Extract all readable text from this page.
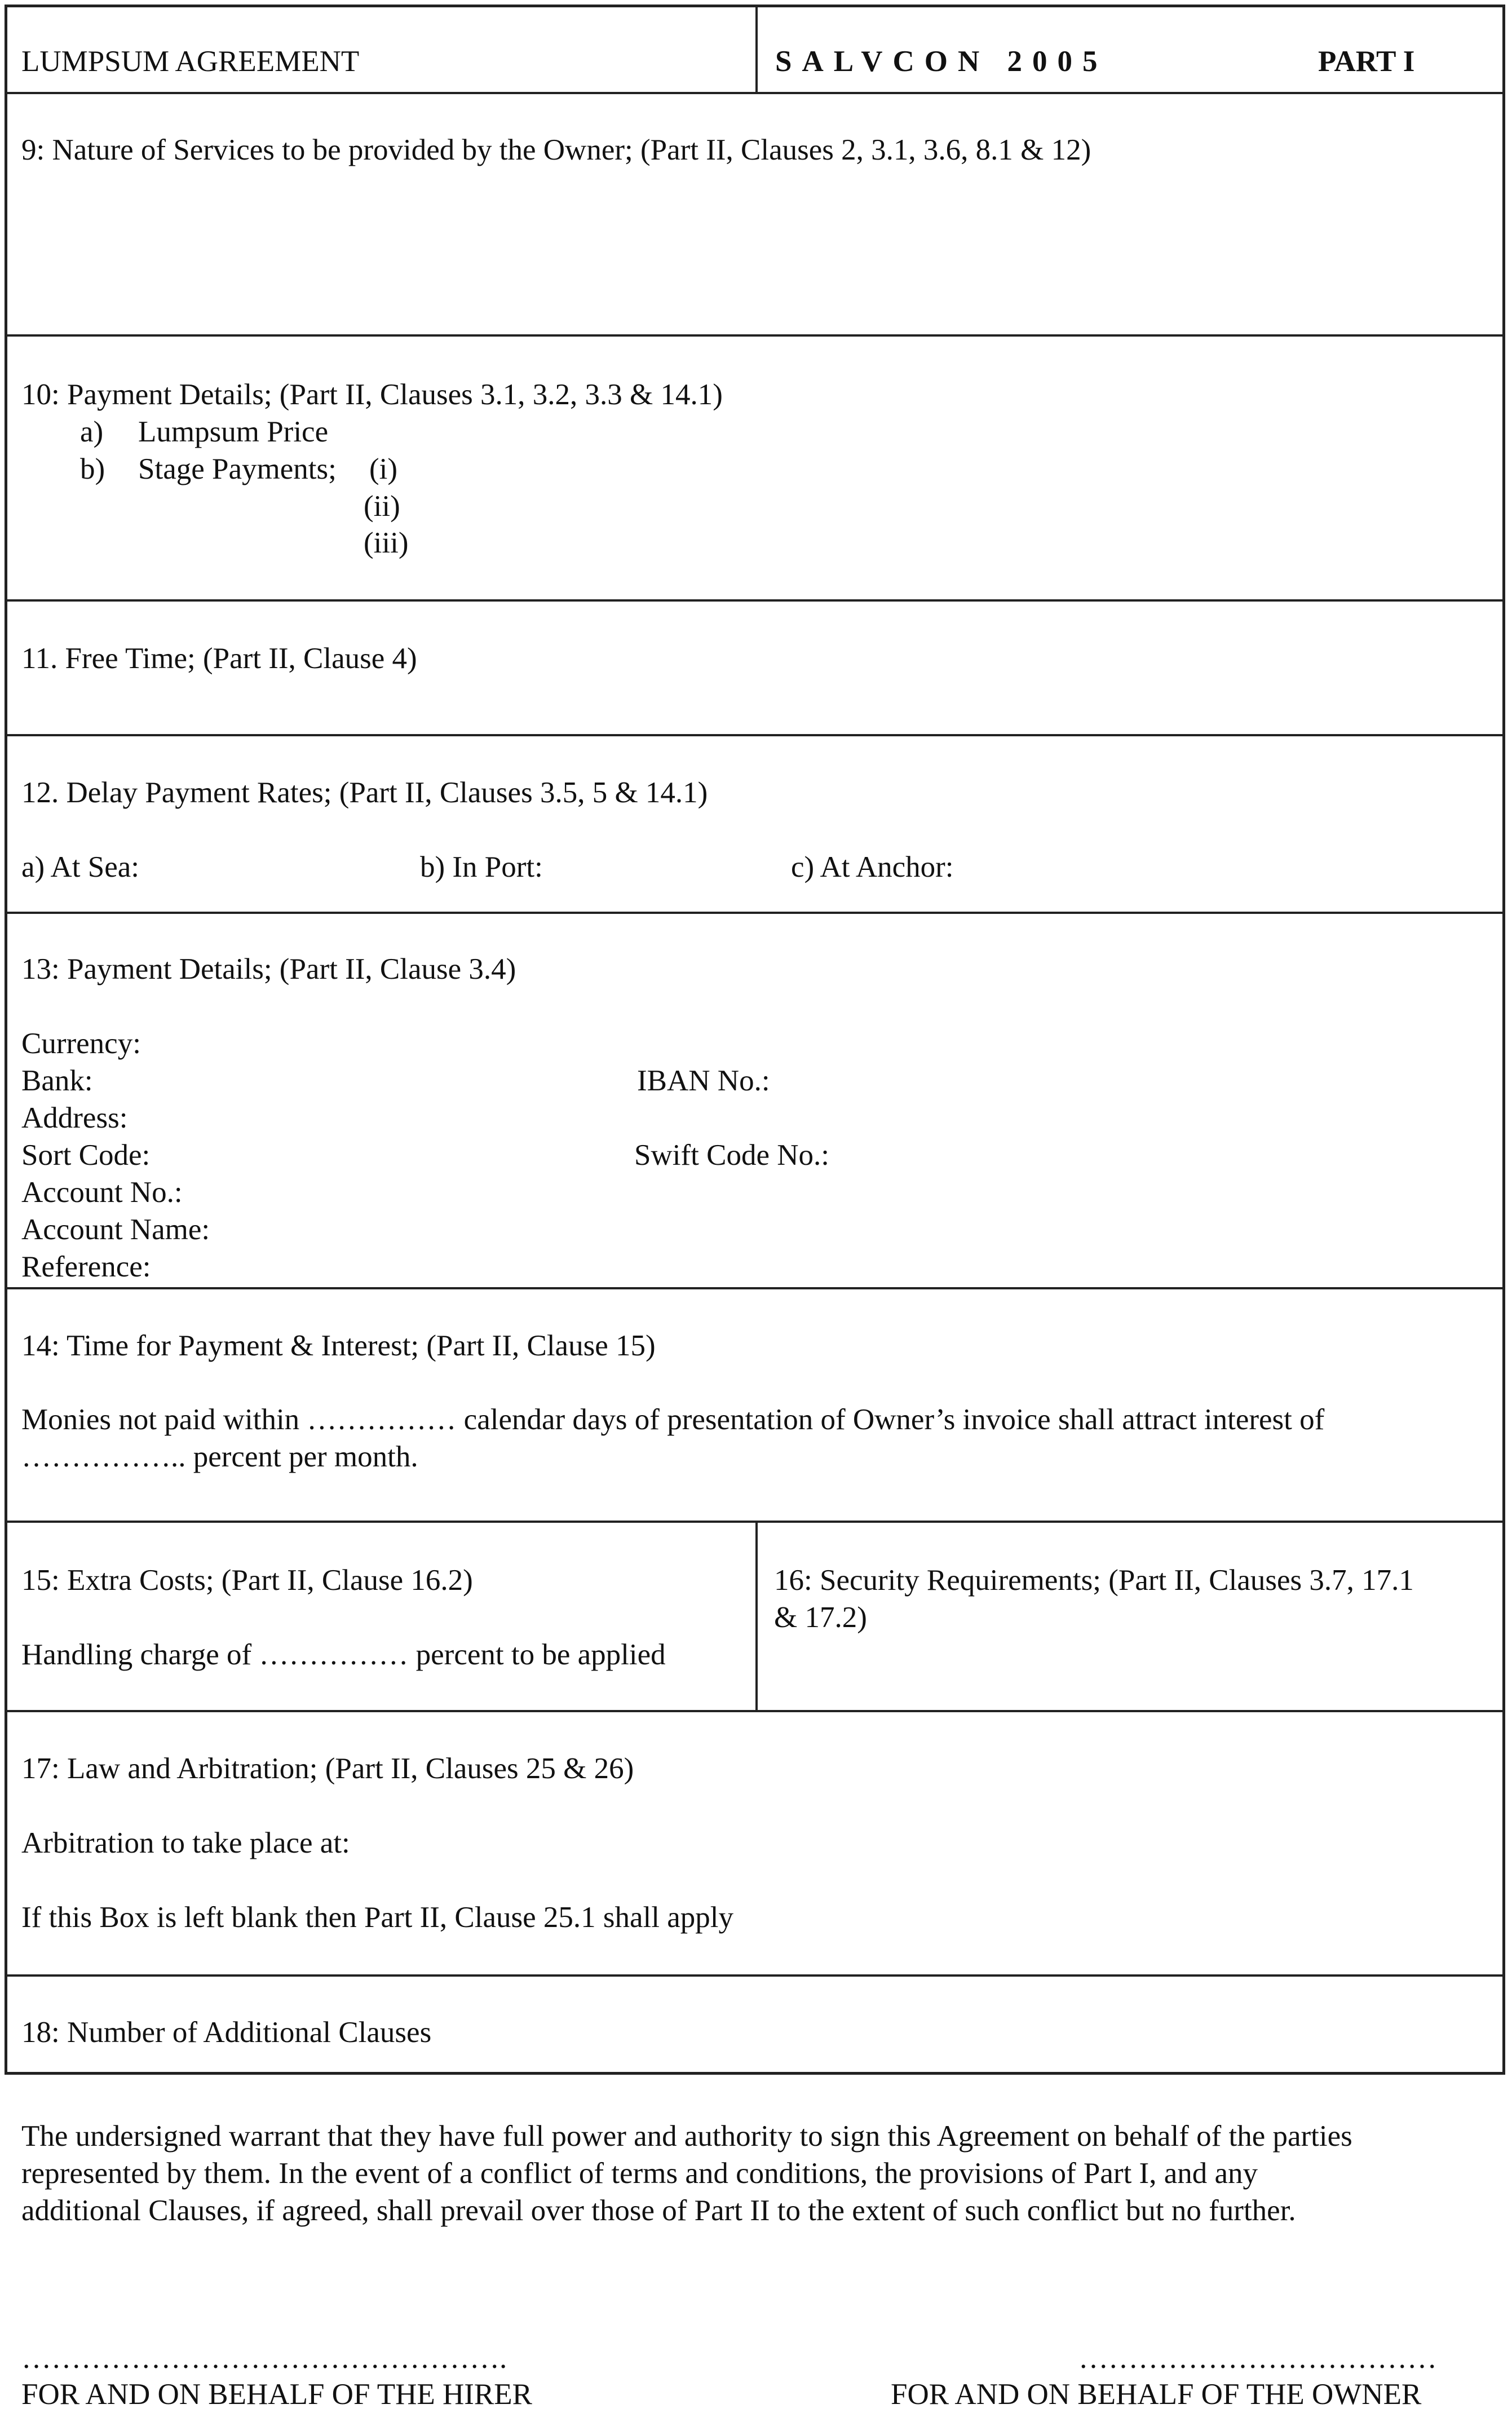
LUMPSUM AGREEMENT	SALVCON 2005	PART I
9: Nature of Services to be provided by the Owner; (Part II, Clauses 2, 3.1, 3.6, 8.1 & 12)
10: Payment Details; (Part II, Clauses 3.1, 3.2, 3.3 & 14.1)
a) Lumpsum Price
b) Stage Payments; (i)
(ii)
(iii)
11. Free Time; (Part II, Clause 4)
12. Delay Payment Rates; (Part II, Clauses 3.5, 5 & 14.1)
a) At Sea:	b) In Port:	c) At Anchor:
13: Payment Details; (Part II, Clause 3.4)
Currency:
Bank:	IBAN No.:
Address:
Sort Code:	Swift Code No.:
Account No.:
Account Name:
Reference:
14: Time for Payment & Interest; (Part II, Clause 15)
Monies not paid within …………… calendar days of presentation of Owner’s invoice shall attract interest of
…………….. percent per month.
15: Extra Costs; (Part II, Clause 16.2)
Handling charge of …………… percent to be applied
16: Security Requirements; (Part II, Clauses 3.7, 17.1
& 17.2)
17: Law and Arbitration; (Part II, Clauses 25 & 26)
Arbitration to take place at:
If this Box is left blank then Part II, Clause 25.1 shall apply
18: Number of Additional Clauses
The undersigned warrant that they have full power and authority to sign this Agreement on behalf of the parties
represented by them. In the event of a conflict of terms and conditions, the provisions of Part I, and any
additional Clauses, if agreed, shall prevail over those of Part II to the extent of such conflict but no further.
………………………………………….
FOR AND ON BEHALF OF THE HIRER
………………………………
FOR AND ON BEHALF OF THE OWNER
